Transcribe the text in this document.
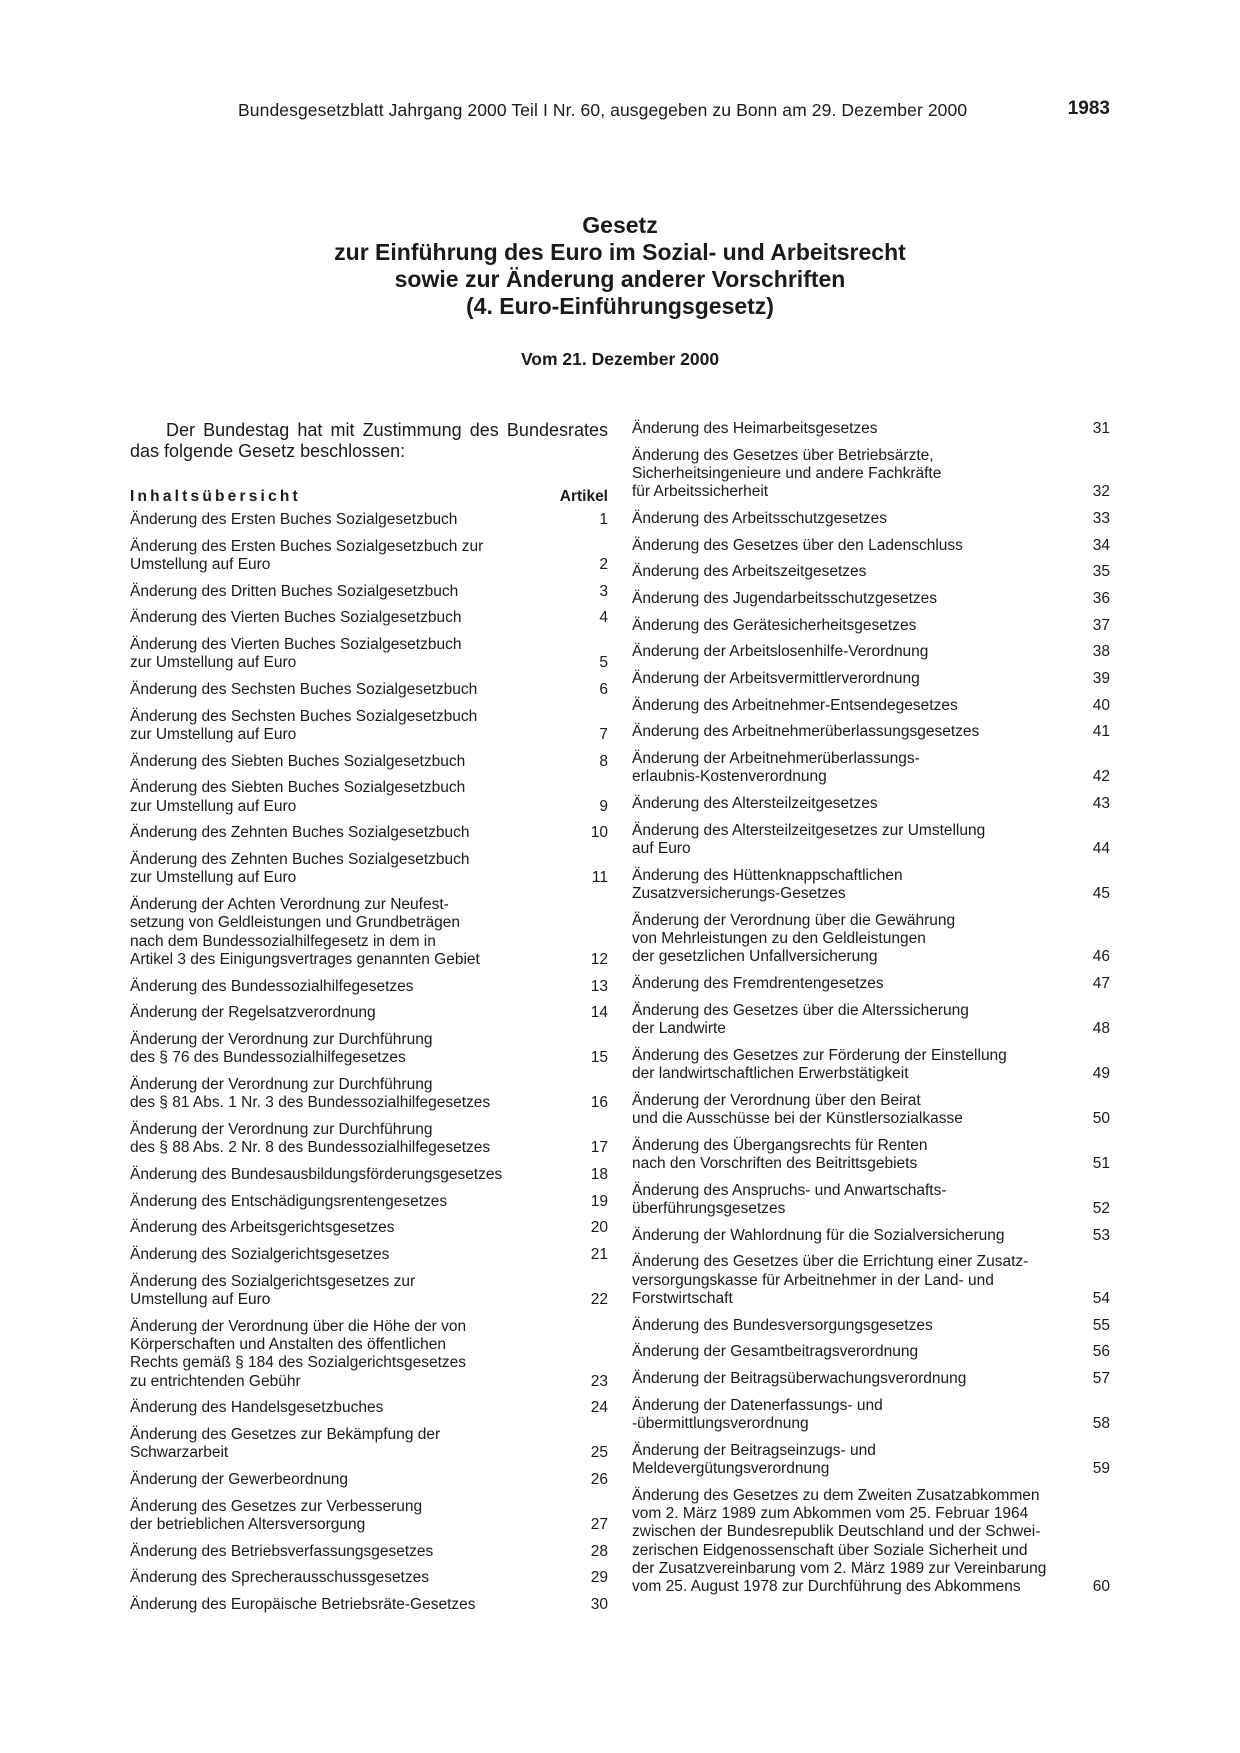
Bundesgesetzblatt Jahrgang 2000 Teil I Nr. 60, ausgegeben zu Bonn am 29. Dezember 2000	1983
Gesetz
zur Einführung des Euro im Sozial- und Arbeitsrecht
sowie zur Änderung anderer Vorschriften
(4. Euro-Einführungsgesetz)
Vom 21. Dezember 2000
Der Bundestag hat mit Zustimmung des Bundesrates das folgende Gesetz beschlossen:
Inhaltsübersicht	Artikel
Änderung des Ersten Buches Sozialgesetzbuch	1
Änderung des Ersten Buches Sozialgesetzbuch zur
Umstellung auf Euro	2
Änderung des Dritten Buches Sozialgesetzbuch	3
Änderung des Vierten Buches Sozialgesetzbuch	4
Änderung des Vierten Buches Sozialgesetzbuch
zur Umstellung auf Euro	5
Änderung des Sechsten Buches Sozialgesetzbuch	6
Änderung des Sechsten Buches Sozialgesetzbuch
zur Umstellung auf Euro	7
Änderung des Siebten Buches Sozialgesetzbuch	8
Änderung des Siebten Buches Sozialgesetzbuch
zur Umstellung auf Euro	9
Änderung des Zehnten Buches Sozialgesetzbuch	10
Änderung des Zehnten Buches Sozialgesetzbuch
zur Umstellung auf Euro	11
Änderung der Achten Verordnung zur Neufest-
setzung von Geldleistungen und Grundbeträgen
nach dem Bundessozialhilfegesetz in dem in
Artikel 3 des Einigungsvertrages genannten Gebiet	12
Änderung des Bundessozialhilfegesetzes	13
Änderung der Regelsatzverordnung	14
Änderung der Verordnung zur Durchführung
des § 76 des Bundessozialhilfegesetzes	15
Änderung der Verordnung zur Durchführung
des § 81 Abs. 1 Nr. 3 des Bundessozialhilfegesetzes	16
Änderung der Verordnung zur Durchführung
des § 88 Abs. 2 Nr. 8 des Bundessozialhilfegesetzes	17
Änderung des Bundesausbildungsförderungsgesetzes	18
Änderung des Entschädigungsrentengesetzes	19
Änderung des Arbeitsgerichtsgesetzes	20
Änderung des Sozialgerichtsgesetzes	21
Änderung des Sozialgerichtsgesetzes zur
Umstellung auf Euro	22
Änderung der Verordnung über die Höhe der von
Körperschaften und Anstalten des öffentlichen
Rechts gemäß § 184 des Sozialgerichtsgesetzes
zu entrichtenden Gebühr	23
Änderung des Handelsgesetzbuches	24
Änderung des Gesetzes zur Bekämpfung der
Schwarzarbeit	25
Änderung der Gewerbeordnung	26
Änderung des Gesetzes zur Verbesserung
der betrieblichen Altersversorgung	27
Änderung des Betriebsverfassungsgesetzes	28
Änderung des Sprecherausschussgesetzes	29
Änderung des Europäische Betriebsräte-Gesetzes	30
Änderung des Heimarbeitsgesetzes	31
Änderung des Gesetzes über Betriebsärzte,
Sicherheitsingenieure und andere Fachkräfte
für Arbeitssicherheit	32
Änderung des Arbeitsschutzgesetzes	33
Änderung des Gesetzes über den Ladenschluss	34
Änderung des Arbeitszeitgesetzes	35
Änderung des Jugendarbeitsschutzgesetzes	36
Änderung des Gerätesicherheitsgesetzes	37
Änderung der Arbeitslosenhilfe-Verordnung	38
Änderung der Arbeitsvermittlerverordnung	39
Änderung des Arbeitnehmer-Entsendegesetzes	40
Änderung des Arbeitnehmerüberlassungsgesetzes	41
Änderung der Arbeitnehmerüberlassungs-
erlaubnis-Kostenverordnung	42
Änderung des Altersteilzeitgesetzes	43
Änderung des Altersteilzeitgesetzes zur Umstellung
auf Euro	44
Änderung des Hüttenknappschaftlichen
Zusatzversicherungs-Gesetzes	45
Änderung der Verordnung über die Gewährung
von Mehrleistungen zu den Geldleistungen
der gesetzlichen Unfallversicherung	46
Änderung des Fremdrentengesetzes	47
Änderung des Gesetzes über die Alterssicherung
der Landwirte	48
Änderung des Gesetzes zur Förderung der Einstellung
der landwirtschaftlichen Erwerbstätigkeit	49
Änderung der Verordnung über den Beirat
und die Ausschüsse bei der Künstlersozialkasse	50
Änderung des Übergangsrechts für Renten
nach den Vorschriften des Beitrittsgebiets	51
Änderung des Anspruchs- und Anwartschafts-
überführungsgesetzes	52
Änderung der Wahlordnung für die Sozialversicherung	53
Änderung des Gesetzes über die Errichtung einer Zusatz-
versorgungskasse für Arbeitnehmer in der Land- und
Forstwirtschaft	54
Änderung des Bundesversorgungsgesetzes	55
Änderung der Gesamtbeitragsverordnung	56
Änderung der Beitragsüberwachungsverordnung	57
Änderung der Datenerfassungs- und
-übermittlungsverordnung	58
Änderung der Beitragseinzugs- und
Meldevergütungsverordnung	59
Änderung des Gesetzes zu dem Zweiten Zusatzabkommen
vom 2. März 1989 zum Abkommen vom 25. Februar 1964
zwischen der Bundesrepublik Deutschland und der Schwei-
zerischen Eidgenossenschaft über Soziale Sicherheit und
der Zusatzvereinbarung vom 2. März 1989 zur Vereinbarung
vom 25. August 1978 zur Durchführung des Abkommens	60
